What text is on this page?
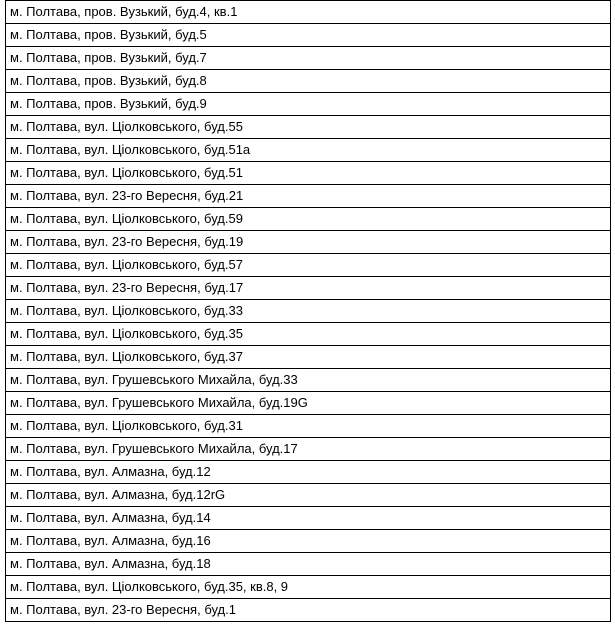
м. Полтава, пров. Вузький, буд.4, кв.1
м. Полтава, пров. Вузький, буд.5
м. Полтава, пров. Вузький, буд.7
м. Полтава, пров. Вузький, буд.8
м. Полтава, пров. Вузький, буд.9
м. Полтава, вул. Ціолковського, буд.55
м. Полтава, вул. Ціолковського, буд.51а
м. Полтава, вул. Ціолковського, буд.51
м. Полтава, вул. 23-го Вересня, буд.21
м. Полтава, вул. Ціолковського, буд.59
м. Полтава, вул. 23-го Вересня, буд.19
м. Полтава, вул. Ціолковського, буд.57
м. Полтава, вул. 23-го Вересня, буд.17
м. Полтава, вул. Ціолковського, буд.33
м. Полтава, вул. Ціолковського, буд.35
м. Полтава, вул. Ціолковського, буд.37
м. Полтава, вул. Грушевського Михайла, буд.33
м. Полтава, вул. Грушевського Михайла, буд.19G
м. Полтава, вул. Ціолковського, буд.31
м. Полтава, вул. Грушевського Михайла, буд.17
м. Полтава, вул. Алмазна, буд.12
м. Полтава, вул. Алмазна, буд.12rG
м. Полтава, вул. Алмазна, буд.14
м. Полтава, вул. Алмазна, буд.16
м. Полтава, вул. Алмазна, буд.18
м. Полтава, вул. Ціолковського, буд.35, кв.8, 9
м. Полтава, вул. 23-го Вересня, буд.1
